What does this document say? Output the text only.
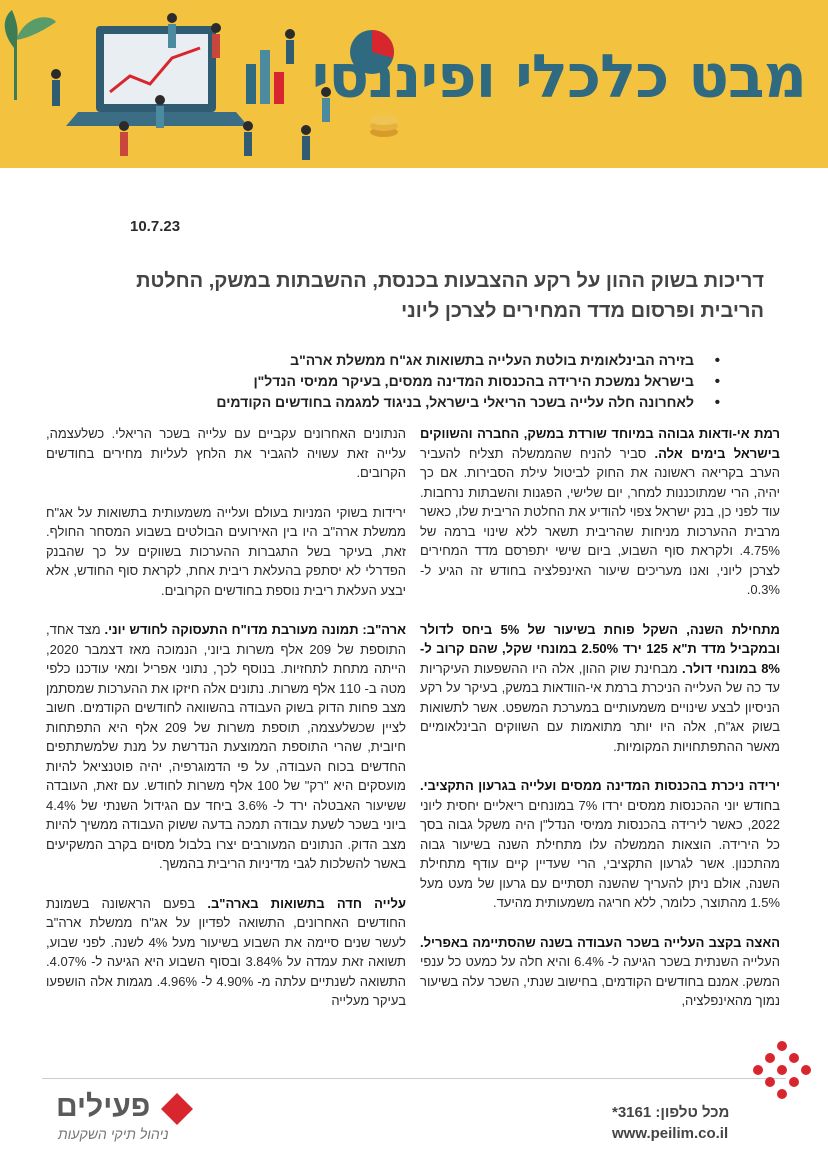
מבט כלכלי ופיננסי
10.7.23
דריכות בשוק ההון על רקע ההצבעות בכנסת, ההשבתות במשק, החלטת הריבית ופרסום מדד המחירים לצרכן ליוני
• בזירה הבינלאומית בולטת העלייה בתשואות אג"ח ממשלת ארה"ב
• בישראל נמשכת הירידה בהכנסות המדינה ממסים, בעיקר ממיסי הנדל"ן
• לאחרונה חלה עלייה בשכר הריאלי בישראל, בניגוד למגמה בחודשים הקודמים

רמת אי-ודאות גבוהה במיוחד שורדת במשק, החברה והשווקים בישראל בימים אלה. סביר להניח שהממשלה תצליח להעביר הערב בקריאה ראשונה את החוק לביטול עילת הסבירות. אם כך יהיה, הרי שמתוכננות למחר, יום שלישי, הפגנות והשבתות נרחבות. עוד לפני כן, בנק ישראל צפוי להודיע את החלטת הריבית שלו, כאשר מרבית ההערכות מניחות שהריבית תשאר ללא שינוי ברמה של 4.75%. ולקראת סוף השבוע, ביום שישי יתפרסם מדד המחירים לצרכן ליוני, ואנו מעריכים שיעור האינפלציה בחודש זה הגיע ל- 0.3%.

מתחילת השנה, השקל פוחת בשיעור של 5% ביחס לדולר ובמקביל מדד ת"א 125 ירד 2.50% במונחי שקל, שהם קרוב ל- 8% במונחי דולר. מבחינת שוק ההון, אלה היו ההשפעות העיקריות עד כה של העלייה הניכרת ברמת אי-הוודאות במשק, בעיקר על רקע הניסיון לבצע שינויים משמעותיים במערכת המשפט. אשר לתשואות בשוק אג"ח, אלה היו יותר מתואמות עם השווקים הבינלאומיים מאשר ההתפתחויות המקומיות.

ירידה ניכרת בהכנסות המדינה ממסים ועלייה בגרעון התקציבי. בחודש יוני ההכנסות ממסים ירדו 7% במונחים ריאליים יחסית ליוני 2022, כאשר לירידה בהכנסות ממיסי הנדל"ן היה משקל גבוה בסך כל הירידה. הוצאות הממשלה עלו מתחילת השנה בשיעור גבוה מהתכנון. אשר לגרעון התקציבי, הרי שעדיין קיים עודף מתחילת השנה, אולם ניתן להעריך שהשנה תסתיים עם גרעון של מעט מעל 1.5% מהתוצר, כלומר, ללא חריגה משמעותית מהיעד.

האצה בקצב העלייה בשכר העבודה בשנה שהסתיימה באפריל. העלייה השנתית בשכר הגיעה ל- 6.4% והיא חלה על כמעט כל ענפי המשק. אמנם בחודשים הקודמים, בחישוב שנתי, השכר עלה בשיעור נמוך מהאינפלציה,

הנתונים האחרונים עקביים עם עלייה בשכר הריאלי. כשלעצמה, עלייה זאת עשויה להגביר את הלחץ לעליות מחירים בחודשים הקרובים.

ירידות בשוקי המניות בעולם ועלייה משמעותית בתשואות על אג"ח ממשלת ארה"ב היו בין האירועים הבולטים בשבוע המסחר החולף. זאת, בעיקר בשל התגברות ההערכות בשווקים על כך שהבנק הפדרלי לא יסתפק בהעלאת ריבית אחת, לקראת סוף החודש, אלא יבצע העלאת ריבית נוספת בחודשים הקרובים.

ארה"ב: תמונה מעורבת מדו"ח התעסוקה לחודש יוני. מצד אחד, התוספת של 209 אלף משרות ביוני, הנמוכה מאז דצמבר 2020, הייתה מתחת לתחזיות. בנוסף לכך, נתוני אפריל ומאי עודכנו כלפי מטה ב- 110 אלף משרות. נתונים אלה חיזקו את ההערכות שמסתמן מצב פחות הדוק בשוק העבודה בהשוואה לחודשים הקודמים. חשוב לציין שכשלעצמה, תוספת משרות של 209 אלף היא התפתחות חיובית, שהרי התוספת הממוצעת הנדרשת על מנת שלמשתתפים החדשים בכוח העבודה, על פי הדמוגרפיה, יהיה פוטנציאל להיות מועסקים היא "רק" של 100 אלף משרות לחודש. עם זאת, העובדה ששיעור האבטלה ירד ל- 3.6% ביחד עם הגידול השנתי של 4.4% ביוני בשכר לשעת עבודה תמכה בדעה ששוק העבודה ממשיך להיות מצב הדוק. הנתונים המעורבים יצרו בלבול מסוים בקרב המשקיעים באשר להשלכות לגבי מדיניות הריבית בהמשך.

עלייה חדה בתשואות בארה"ב. בפעם הראשונה בשמונת החודשים האחרונים, התשואה לפדיון על אג"ח ממשלת ארה"ב לעשר שנים סיימה את השבוע בשיעור מעל 4% לשנה. לפני שבוע, תשואה זאת עמדה על 3.84% ובסוף השבוע היא הגיעה ל- 4.07%. התשואה לשנתיים עלתה מ- 4.90% ל- 4.96%. מגמות אלה הושפעו בעיקר מעלייה

פעילים
ניהול תיקי השקעות
מכל טלפון: 3161*
www.peilim.co.il
